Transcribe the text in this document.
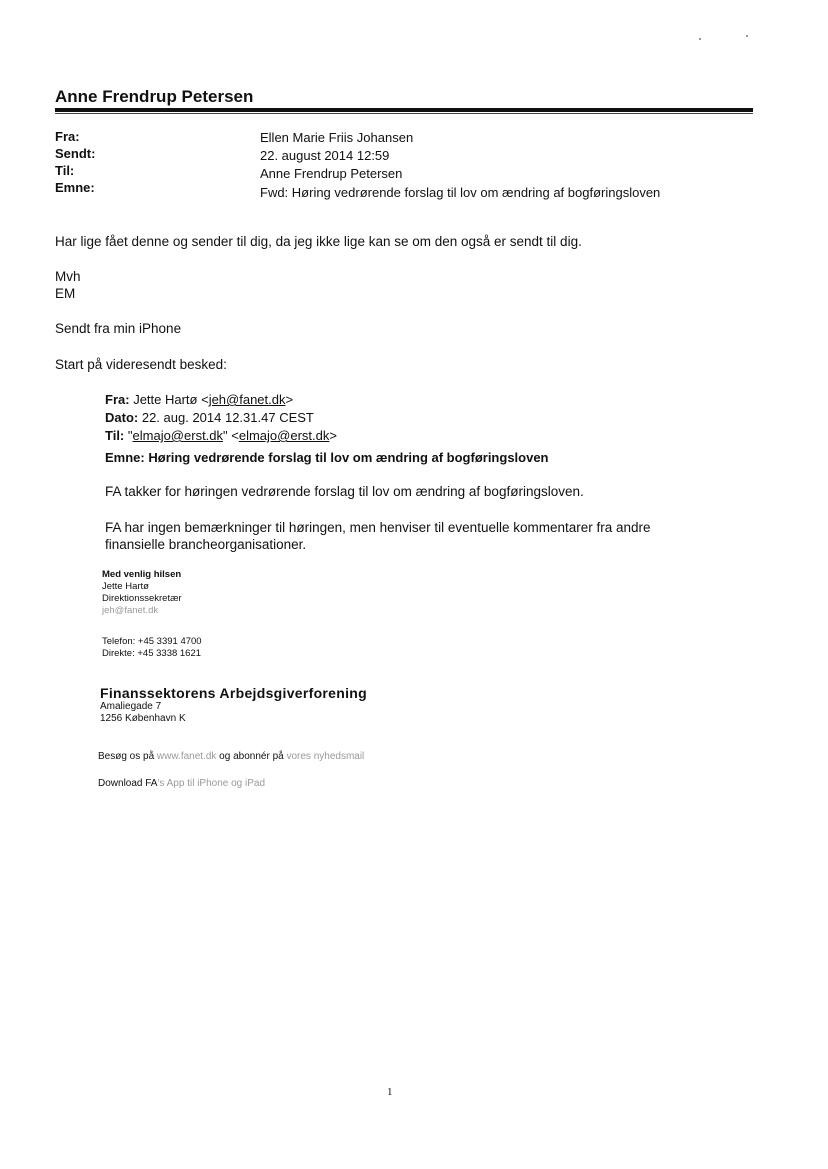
Anne Frendrup Petersen
Fra:	Ellen Marie Friis Johansen
Sendt:	22. august 2014 12:59
Til:	Anne Frendrup Petersen
Emne:	Fwd: Høring vedrørende forslag til lov om ændring af bogføringsloven
Har lige fået denne og sender til dig, da jeg ikke lige kan se om den også er sendt til dig.
Mvh
EM
Sendt fra min iPhone
Start på videresendt besked:
Fra: Jette Hartø <jeh@fanet.dk>
Dato: 22. aug. 2014 12.31.47 CEST
Til: "elmajo@erst.dk" <elmajo@erst.dk>
Emne: Høring vedrørende forslag til lov om ændring af bogføringsloven
FA takker for høringen vedrørende forslag til lov om ændring af bogføringsloven.
FA har ingen bemærkninger til høringen, men henviser til eventuelle kommentarer fra andre
finansielle brancheorganisationer.
Med venlig hilsen
Jette Hartø
Direktionssekretær
jeh@fanet.dk
Telefon: +45 3391 4700
Direkte: +45 3338 1621
Finanssektorens Arbejdsgiverforening
Amaliegade 7
1256 København K
Besøg os på www.fanet.dk og abonnér på vores nyhedsmail
Download FA's App til iPhone og iPad
1
